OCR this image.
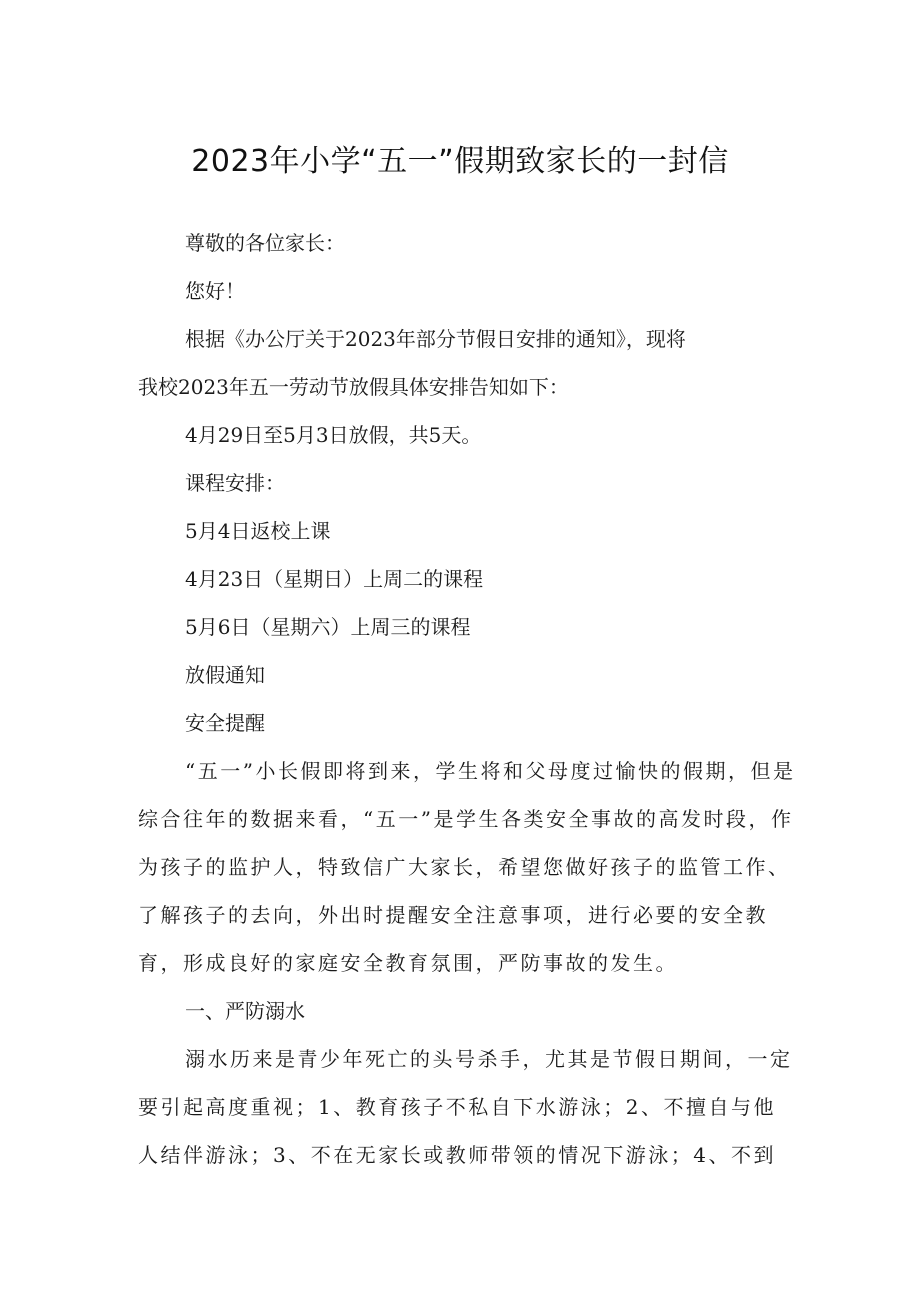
2023年小学“五一”假期致家长的一封信

尊敬的各位家长：

您好！

根据《办公厅关于2023年部分节假日安排的通知》，现将

我校2023年五一劳动节放假具体安排告知如下：

4月29日至5月3日放假，共5天。

课程安排：

5月4日返校上课

4月23日（星期日）上周二的课程

5月6日（星期六）上周三的课程

放假通知

安全提醒

“五一”小长假即将到来，学生将和父母度过愉快的假期，但是综合往年的数据来看，“五一”是学生各类安全事故的高发时段，作为孩子的监护人，特致信广大家长，希望您做好孩子的监管工作、了解孩子的去向，外出时提醒安全注意事项，进行必要的安全教育，形成良好的家庭安全教育氛围，严防事故的发生。

一、严防溺水

溺水历来是青少年死亡的头号杀手，尤其是节假日期间，一定要引起高度重视；1、教育孩子不私自下水游泳；2、不擅自与他人结伴游泳；3、不在无家长或教师带领的情况下游泳；4、不到
